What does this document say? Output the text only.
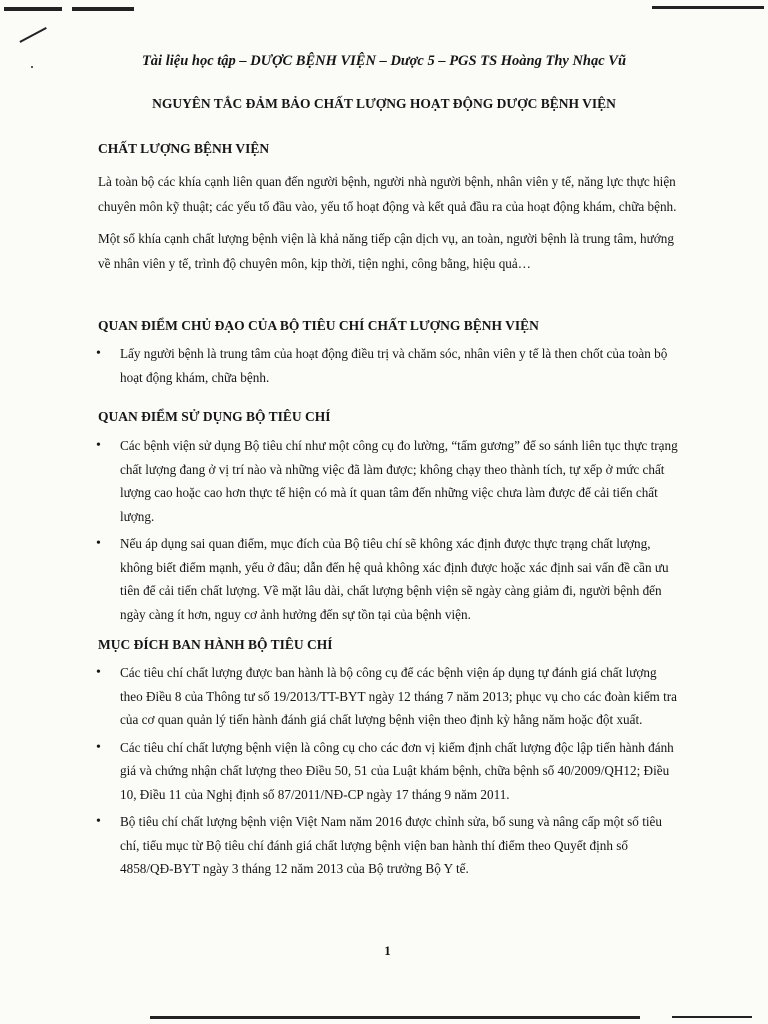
Tài liệu học tập – DƯỢC BỆNH VIỆN – Dược 5 – PGS TS Hoàng Thy Nhạc Vũ
NGUYÊN TẮC ĐẢM BẢO CHẤT LƯỢNG HOẠT ĐỘNG DƯỢC BỆNH VIỆN
CHẤT LƯỢNG BỆNH VIỆN

Là toàn bộ các khía cạnh liên quan đến người bệnh, người nhà người bệnh, nhân viên y tế, năng lực thực hiện chuyên môn kỹ thuật; các yếu tố đầu vào, yếu tố hoạt động và kết quả đầu ra của hoạt động khám, chữa bệnh.

Một số khía cạnh chất lượng bệnh viện là khả năng tiếp cận dịch vụ, an toàn, người bệnh là trung tâm, hướng về nhân viên y tế, trình độ chuyên môn, kịp thời, tiện nghi, công bằng, hiệu quả…

QUAN ĐIỂM CHỦ ĐẠO CỦA BỘ TIÊU CHÍ CHẤT LƯỢNG BỆNH VIỆN
• Lấy người bệnh là trung tâm của hoạt động điều trị và chăm sóc, nhân viên y tế là then chốt của toàn bộ hoạt động khám, chữa bệnh.
QUAN ĐIỂM SỬ DỤNG BỘ TIÊU CHÍ
• Các bệnh viện sử dụng Bộ tiêu chí như một công cụ đo lường, “tấm gương” để so sánh liên tục thực trạng chất lượng đang ở vị trí nào và những việc đã làm được; không chạy theo thành tích, tự xếp ở mức chất lượng cao hoặc cao hơn thực tế hiện có mà ít quan tâm đến những việc chưa làm được để cải tiến chất lượng.
• Nếu áp dụng sai quan điểm, mục đích của Bộ tiêu chí sẽ không xác định được thực trạng chất lượng, không biết điểm mạnh, yếu ở đâu; dẫn đến hệ quả không xác định được hoặc xác định sai vấn đề cần ưu tiên để cải tiến chất lượng. Về mặt lâu dài, chất lượng bệnh viện sẽ ngày càng giảm đi, người bệnh đến ngày càng ít hơn, nguy cơ ảnh hưởng đến sự tồn tại của bệnh viện.
MỤC ĐÍCH BAN HÀNH BỘ TIÊU CHÍ
• Các tiêu chí chất lượng được ban hành là bộ công cụ để các bệnh viện áp dụng tự đánh giá chất lượng theo Điều 8 của Thông tư số 19/2013/TT-BYT ngày 12 tháng 7 năm 2013; phục vụ cho các đoàn kiểm tra của cơ quan quản lý tiến hành đánh giá chất lượng bệnh viện theo định kỳ hằng năm hoặc đột xuất.
• Các tiêu chí chất lượng bệnh viện là công cụ cho các đơn vị kiểm định chất lượng độc lập tiến hành đánh giá và chứng nhận chất lượng theo Điều 50, 51 của Luật khám bệnh, chữa bệnh số 40/2009/QH12; Điều 10, Điều 11 của Nghị định số 87/2011/NĐ-CP ngày 17 tháng 9 năm 2011.
• Bộ tiêu chí chất lượng bệnh viện Việt Nam năm 2016 được chỉnh sửa, bổ sung và nâng cấp một số tiêu chí, tiểu mục từ Bộ tiêu chí đánh giá chất lượng bệnh viện ban hành thí điểm theo Quyết định số 4858/QĐ-BYT ngày 3 tháng 12 năm 2013 của Bộ trưởng Bộ Y tế.
1
